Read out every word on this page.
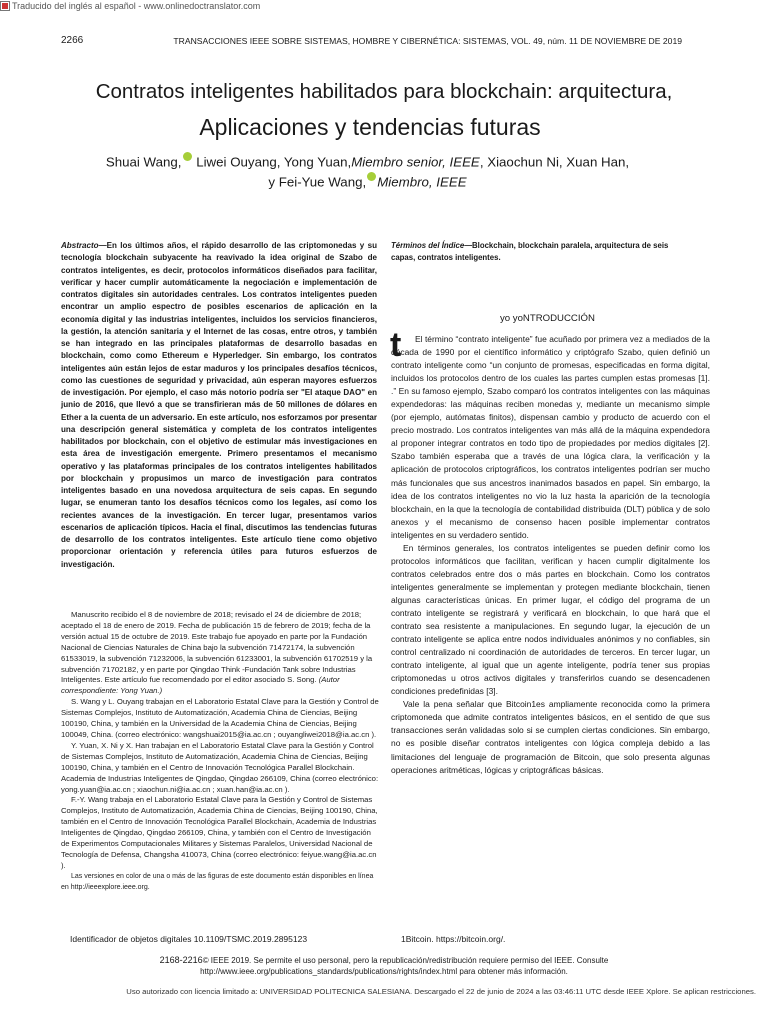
Traducido del inglés al español - www.onlinedoctranslator.com
2266	TRANSACCIONES IEEE SOBRE SISTEMAS, HOMBRE Y CIBERNÉTICA: SISTEMAS, VOL. 49, núm. 11 DE NOVIEMBRE DE 2019
Contratos inteligentes habilitados para blockchain: arquitectura,
Aplicaciones y tendencias futuras
Shuai Wang, Liwei Ouyang, Yong Yuan,Miembro senior, IEEE, Xiaochun Ni, Xuan Han,
y Fei-Yue Wang, Miembro, IEEE
Abstracto—En los últimos años, el rápido desarrollo de las criptomonedas y su tecnología blockchain subyacente ha reavivado la idea original de Szabo de contratos inteligentes, es decir, protocolos informáticos diseñados para facilitar, verificar y hacer cumplir automáticamente la negociación e implementación de contratos digitales sin autoridades centrales. Los contratos inteligentes pueden encontrar un amplio espectro de posibles escenarios de aplicación en la economía digital y las industrias inteligentes, incluidos los servicios financieros, la gestión, la atención sanitaria y el Internet de las cosas, entre otros, y también se han integrado en las principales plataformas de desarrollo basadas en blockchain, como como Ethereum e Hyperledger. Sin embargo, los contratos inteligentes aún están lejos de estar maduros y los principales desafíos técnicos, como las cuestiones de seguridad y privacidad, aún esperan mayores esfuerzos de investigación. Por ejemplo, el caso más notorio podría ser "El ataque DAO" en junio de 2016, que llevó a que se transfirieran más de 50 millones de dólares en Ether a la cuenta de un adversario. En este artículo, nos esforzamos por presentar una descripción general sistemática y completa de los contratos inteligentes habilitados por blockchain, con el objetivo de estimular más investigaciones en esta área de investigación emergente. Primero presentamos el mecanismo operativo y las plataformas principales de los contratos inteligentes habilitados por blockchain y propusimos un marco de investigación para contratos inteligentes basado en una novedosa arquitectura de seis capas. En segundo lugar, se enumeran tanto los desafíos técnicos como los legales, así como los recientes avances de la investigación. En tercer lugar, presentamos varios escenarios de aplicación típicos. Hacia el final, discutimos las tendencias futuras de desarrollo de los contratos inteligentes. Este artículo tiene como objetivo proporcionar orientación y referencia útiles para futuros esfuerzos de investigación.

Manuscrito recibido el 8 de noviembre de 2018; revisado el 24 de diciembre de 2018; aceptado el 18 de enero de 2019. Fecha de publicación 15 de febrero de 2019; fecha de la versión actual 15 de octubre de 2019. Este trabajo fue apoyado en parte por la Fundación Nacional de Ciencias Naturales de China bajo la subvención 71472174, la subvención 61533019, la subvención 71232006, la subvención 61233001, la subvención 61702519 y la subvención 71702182, y en parte por Qingdao Think -Fundación Tank sobre Industrias Inteligentes. Este artículo fue recomendado por el editor asociado S. Song. (Autor correspondiente: Yong Yuan.)

S. Wang y L. Ouyang trabajan en el Laboratorio Estatal Clave para la Gestión y Control de Sistemas Complejos, Instituto de Automatización, Academia China de Ciencias, Beijing 100190, China, y también en la Universidad de la Academia China de Ciencias, Beijing 100049, China. (correo electrónico: wangshuai2015@ia.ac.cn ; ouyangliwei2018@ia.ac.cn ).

Y. Yuan, X. Ni y X. Han trabajan en el Laboratorio Estatal Clave para la Gestión y Control de Sistemas Complejos, Instituto de Automatización, Academia China de Ciencias, Beijing 100190, China, y también en el Centro de Innovación Tecnológica Parallel Blockchain. Academia de Industrias Inteligentes de Qingdao, Qingdao 266109, China (correo electrónico: yong.yuan@ia.ac.cn ; xiaochun.ni@ia.ac.cn ; xuan.han@ia.ac.cn ).

F.-Y. Wang trabaja en el Laboratorio Estatal Clave para la Gestión y Control de Sistemas Complejos, Instituto de Automatización, Academia China de Ciencias, Beijing 100190, China, también en el Centro de Innovación Tecnológica Parallel Blockchain, Academia de Industrias Inteligentes de Qingdao, Qingdao 266109, China, y también con el Centro de Investigación de Experimentos Computacionales Militares y Sistemas Paralelos, Universidad Nacional de Tecnología de Defensa, Changsha 410073, China (correo electrónico: feiyue.wang@ia.ac.cn ).

Las versiones en color de una o más de las figuras de este documento están disponibles en línea en http://ieeexplore.ieee.org.

Identificador de objetos digitales 10.1109/TSMC.2019.2895123
Términos del Índice—Blockchain, blockchain paralela, arquitectura de seis capas, contratos inteligentes.
yo yoNTRODUCCIÓN
t	El término “contrato inteligente” fue acuñado por primera vez a mediados de la década de 1990 por el científico informático y criptógrafo Szabo, quien definió un contrato inteligente como “un conjunto de promesas, especificadas en forma digital, incluidos los protocolos dentro de los cuales las partes cumplen estas promesas [1]. .” En su famoso ejemplo, Szabo comparó los contratos inteligentes con las máquinas expendedoras: las máquinas reciben monedas y, mediante un mecanismo simple (por ejemplo, autómatas finitos), dispensan cambio y producto de acuerdo con el precio mostrado. Los contratos inteligentes van más allá de la máquina expendedora al proponer integrar contratos en todo tipo de propiedades por medios digitales [2]. Szabo también esperaba que a través de una lógica clara, la verificación y la aplicación de protocolos criptográficos, los contratos inteligentes podrían ser mucho más funcionales que sus ancestros inanimados basados en papel. Sin embargo, la idea de los contratos inteligentes no vio la luz hasta la aparición de la tecnología blockchain, en la que la tecnología de contabilidad distribuida (DLT) pública y de solo anexos y el mecanismo de consenso hacen posible implementar contratos inteligentes en su verdadero sentido.

En términos generales, los contratos inteligentes se pueden definir como los protocolos informáticos que facilitan, verifican y hacen cumplir digitalmente los contratos celebrados entre dos o más partes en blockchain. Como los contratos inteligentes generalmente se implementan y protegen mediante blockchain, tienen algunas características únicas. En primer lugar, el código del programa de un contrato inteligente se registrará y verificará en blockchain, lo que hará que el contrato sea resistente a manipulaciones. En segundo lugar, la ejecución de un contrato inteligente se aplica entre nodos individuales anónimos y no confiables, sin control centralizado ni coordinación de autoridades de terceros. En tercer lugar, un contrato inteligente, al igual que un agente inteligente, podría tener sus propias criptomonedas u otros activos digitales y transferirlos cuando se desencadenen condiciones predefinidas [3].

Vale la pena señalar que Bitcoin1es ampliamente reconocida como la primera criptomoneda que admite contratos inteligentes básicos, en el sentido de que sus transacciones serán validadas solo si se cumplen ciertas condiciones. Sin embargo, no es posible diseñar contratos inteligentes con lógica compleja debido a las limitaciones del lenguaje de programación de Bitcoin, que solo presenta algunas operaciones aritméticas, lógicas y criptográficas básicas.

1Bitcoin. https://bitcoin.org/.
2168-2216© IEEE 2019. Se permite el uso personal, pero la republicación/redistribución requiere permiso del IEEE. Consulte
http://www.ieee.org/publications_standards/publications/rights/index.html para obtener más información.
Uso autorizado con licencia limitado a: UNIVERSIDAD POLITECNICA SALESIANA. Descargado el 22 de junio de 2024 a las 03:46:11 UTC desde IEEE Xplore. Se aplican restricciones.
